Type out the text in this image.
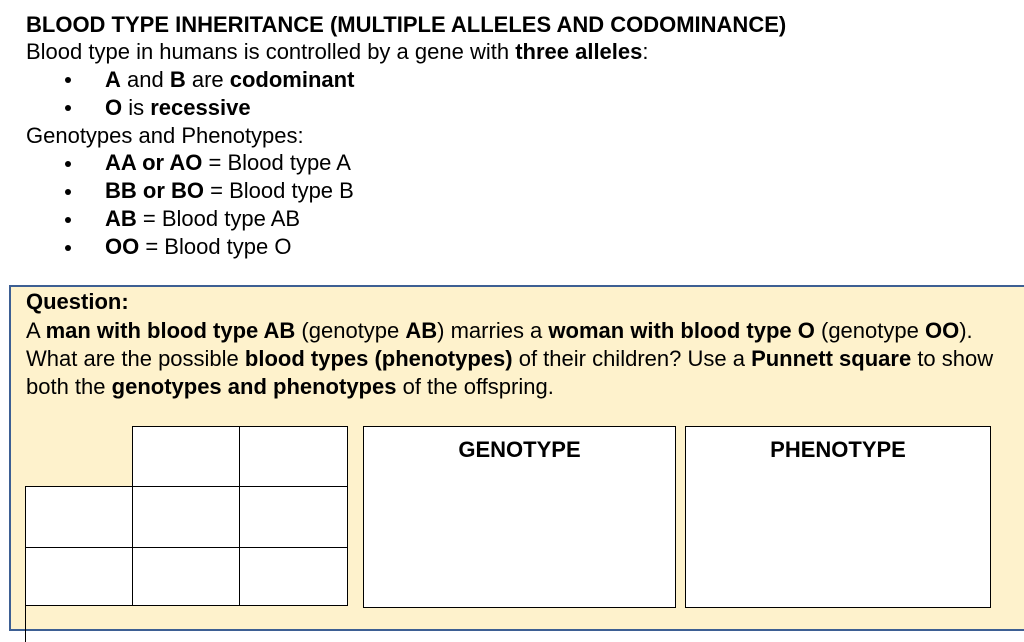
BLOOD TYPE INHERITANCE (MULTIPLE ALLELES AND CODOMINANCE)
Blood type in humans is controlled by a gene with three alleles:
A and B are codominant
O is recessive
Genotypes and Phenotypes:
AA or AO = Blood type A
BB or BO = Blood type B
AB = Blood type AB
OO = Blood type O
Question:
A man with blood type AB (genotype AB) marries a woman with blood type O (genotype OO). What are the possible blood types (phenotypes) of their children? Use a Punnett square to show both the genotypes and phenotypes of the offspring.
GENOTYPE	PHENOTYPE
